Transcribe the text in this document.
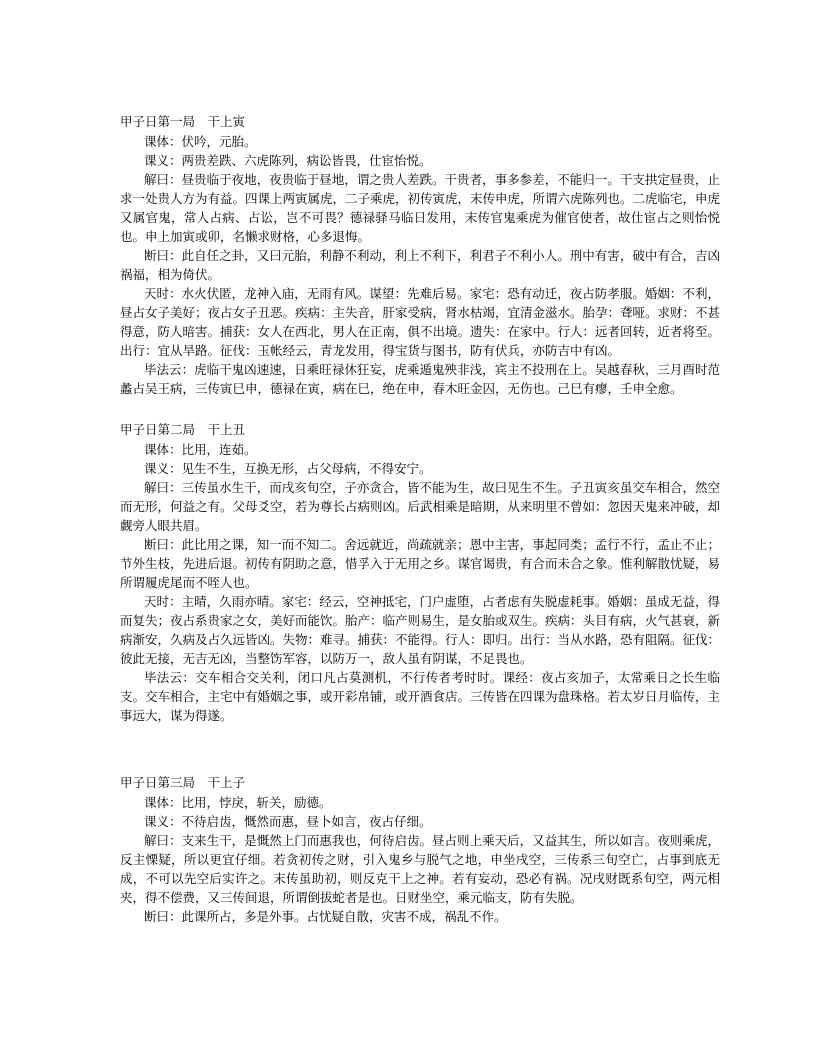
甲子日第一局　干上寅

课体：伏吟，元胎。

课义：两贵差跌、六虎陈列，病讼皆畏，仕宦怡悦。

解曰：昼贵临于夜地，夜贵临于昼地，谓之贵人差跌。干贵者，事多参差，不能归一。干支拱定昼贵，止求一处贵人方为有益。四课上两寅属虎，二子乘虎，初传寅虎，末传申虎，所谓六虎陈列也。二虎临宅，申虎又属官鬼，常人占病、占讼，岂不可畏？德禄驿马临日发用，末传官鬼乘虎为催官使者，故仕宦占之则怡悦也。申上加寅或卯，名懒求财格，心多退悔。

断曰：此自任之卦，又曰元胎，利静不利动，利上不利下，利君子不利小人。刑中有害，破中有合，吉凶祸福，相为倚伏。

天时：水火伏匿，龙神入庙，无雨有风。谋望：先难后易。家宅：恐有动迁，夜占防孝服。婚姻：不利，昼占女子美好；夜占女子丑恶。疾病：主失音，肝家受病，肾水枯竭，宜清金滋水。胎孕：聋哑。求财：不甚得意，防人暗害。捕获：女人在西北，男人在正南，俱不出境。遗失：在家中。行人：远者回转，近者将至。出行：宜从旱路。征伐：玉帐经云，青龙发用，得宝货与图书，防有伏兵，亦防吉中有凶。

毕法云：虎临干鬼凶速速，日乘旺禄休狂妄，虎乘遁鬼殃非浅，宾主不投刑在上。吴越春秋，三月酉时范蠡占吴王病，三传寅巳申，德禄在寅，病在巳，绝在申，春木旺金囚，无伤也。己巳有瘳，壬申全愈。

甲子日第二局　干上丑

课体：比用，连茹。

课义：见生不生，互换无形，占父母病，不得安宁。

解曰：三传虽水生干，而戌亥旬空，子亦贪合，皆不能为生，故曰见生不生。子丑寅亥虽交车相合，然空而无形，何益之有。父母爻空，若为尊长占病则凶。后武相乘是暗期，从来明里不曾如：忽因天鬼来冲破，却觑旁人眼共眉。

断曰：此比用之课，知一而不知二。舍远就近，尚疏就亲；恩中主害，事起同类；孟行不行，孟止不止；节外生枝，先进后退。初传有阴助之意，惜孚入于无用之乡。谋官谒贵，有合而未合之象。惟利解散忧疑，易所谓履虎尾而不咥人也。

天时：主晴，久雨亦晴。家宅：经云，空神抵宅，门户虚堕，占者虑有失脱虚耗事。婚姻：虽成无益，得而复失；夜占系贵家之女，美好而能饮。胎产：临产则易生，是女胎或双生。疾病：头目有病，火气甚衰，新病渐安，久病及占久远皆凶。失物：难寻。捕获：不能得。行人：即归。出行：当从水路，恐有阻隔。征伐：彼此无接，无吉无凶，当整饬军容，以防万一，敌人虽有阴谋，不足畏也。

毕法云：交车相合交关利，闭口凡占莫测机，不行传者考时时。课经：夜占亥加子，太常乘日之长生临支。交车相合，主宅中有婚姻之事，或开彩帛铺，或开酒食店。三传皆在四课为盘珠格。若太岁日月临传，主事远大，谋为得遂。

甲子日第三局　干上子

课体：比用，悖戾，斩关，励德。

课义：不待启齿，慨然而惠，昼卜如言，夜占仔细。

解曰：支来生干，是慨然上门而惠我也，何待启齿。昼占则上乘天后，又益其生，所以如言。夜则乘虎，反主慄疑，所以更宜仔细。若贪初传之财，引入鬼乡与脱气之地，申坐戌空，三传系三旬空亡，占事到底无成，不可以先空后实许之。末传虽助初，则反克干上之神。若有妄动，恐必有祸。况戌财既系旬空，两元相夹，得不偿费，又三传间退，所谓倒拔蛇者是也。日财坐空，乘元临支，防有失脱。

断曰：此课所占，多是外事。占忧疑自散，灾害不成，祸乱不作。
